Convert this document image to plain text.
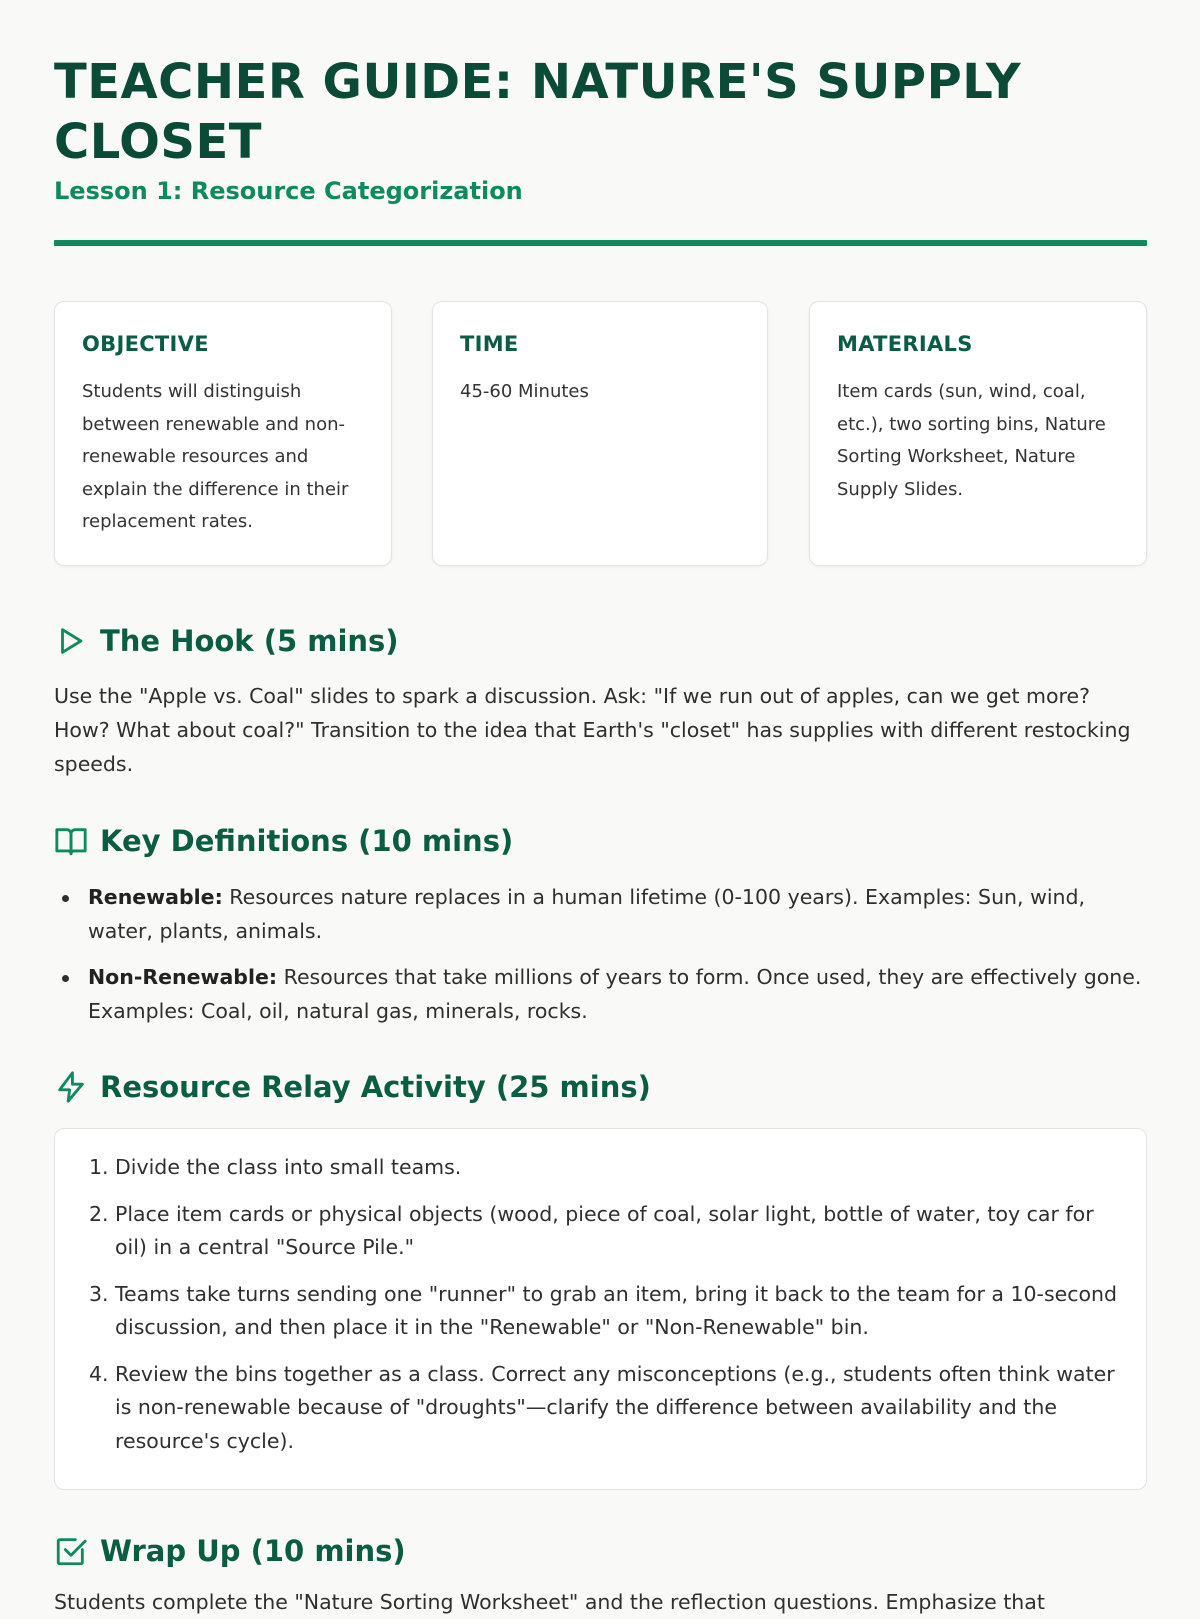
TEACHER GUIDE: NATURE'S SUPPLY CLOSET
Lesson 1: Resource Categorization
OBJECTIVE

Students will distinguish between renewable and non-renewable resources and explain the difference in their replacement rates.

TIME

45-60 Minutes

MATERIALS

Item cards (sun, wind, coal, etc.), two sorting bins, Nature Sorting Worksheet, Nature Supply Slides.

The Hook (5 mins)

Use the "Apple vs. Coal" slides to spark a discussion. Ask: "If we run out of apples, can we get more? How? What about coal?" Transition to the idea that Earth's "closet" has supplies with different restocking speeds.

Key Definitions (10 mins)
Renewable: Resources nature replaces in a human lifetime (0-100 years). Examples: Sun, wind, water, plants, animals.
Non-Renewable: Resources that take millions of years to form. Once used, they are effectively gone. Examples: Coal, oil, natural gas, minerals, rocks.
Resource Relay Activity (25 mins)
1. Divide the class into small teams.
2. Place item cards or physical objects (wood, piece of coal, solar light, bottle of water, toy car for oil) in a central "Source Pile."
3. Teams take turns sending one "runner" to grab an item, bring it back to the team for a 10-second discussion, and then place it in the "Renewable" or "Non-Renewable" bin.
4. Review the bins together as a class. Correct any misconceptions (e.g., students often think water is non-renewable because of "droughts"—clarify the difference between availability and the resource's cycle).
Wrap Up (10 mins)

Students complete the "Nature Sorting Worksheet" and the reflection questions. Emphasize that
